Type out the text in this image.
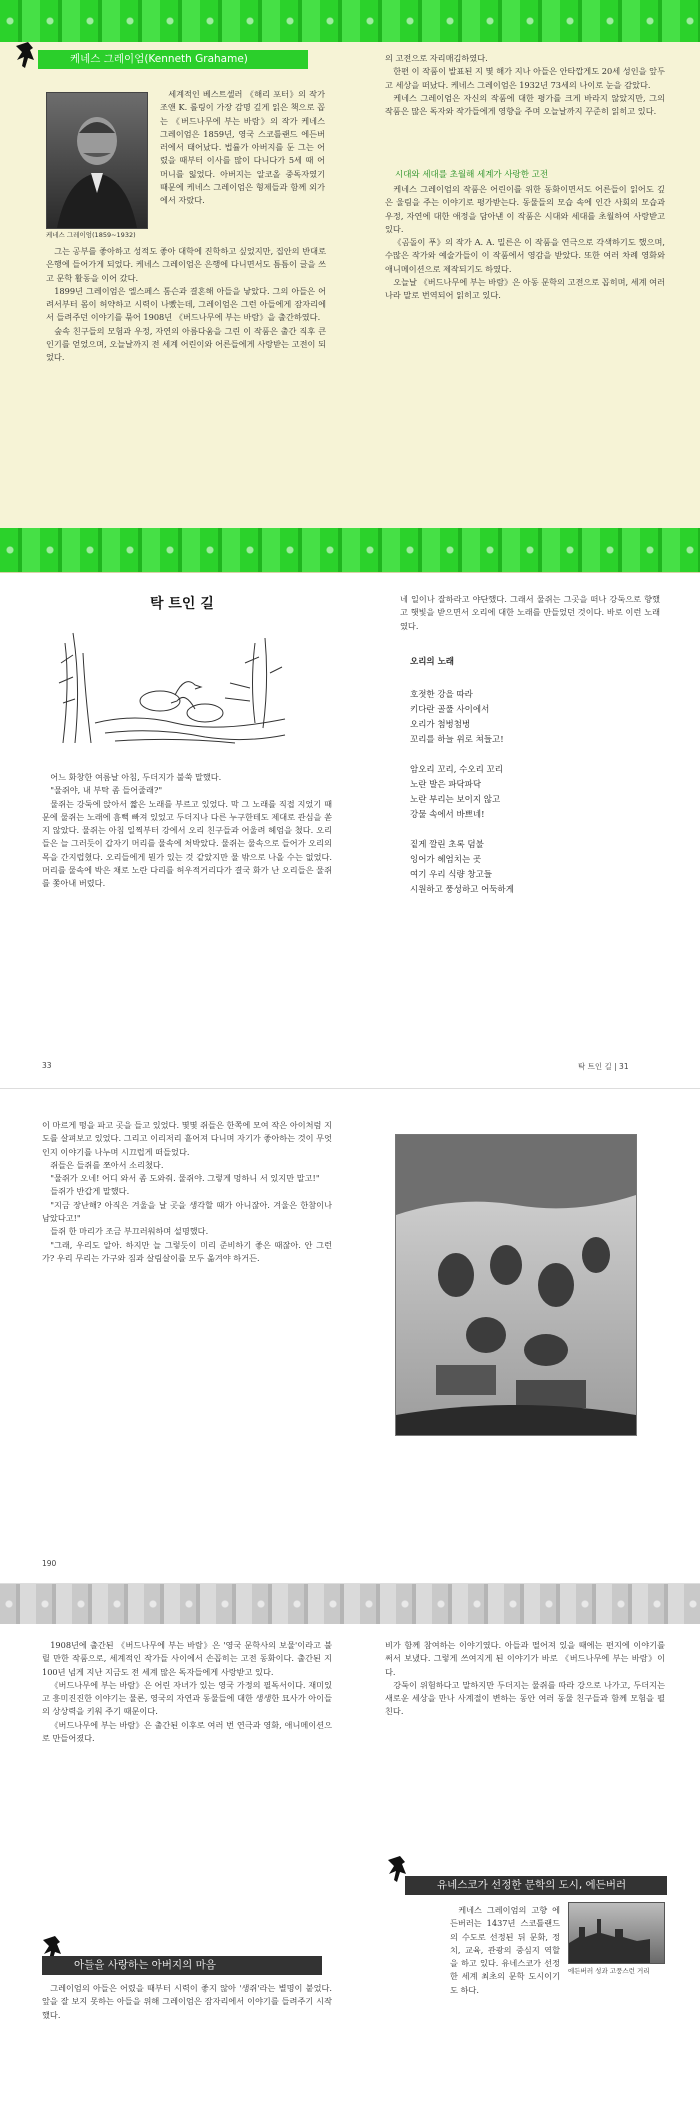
케네스 그레이엄(Kenneth Grahame)
케네스 그레이엄(1859~1932)

세계적인 베스트셀러 《해리 포터》의 작가 조앤 K. 롤링이 가장 감명 깊게 읽은 책으로 꼽는 《버드나무에 부는 바람》의 작가 케네스 그레이엄은 1859년, 영국 스코틀랜드 에든버러에서 태어났다. 법률가 아버지를 둔 그는 어렸을 때부터 이사를 많이 다니다가 5세 때 어머니를 잃었다. 아버지는 알코올 중독자였기 때문에 케네스 그레이엄은 형제들과 함께 외가에서 자랐다.

그는 공부를 좋아하고 성적도 좋아 대학에 진학하고 싶었지만, 집안의 반대로 은행에 들어가게 되었다. 케네스 그레이엄은 은행에 다니면서도 틈틈이 글을 쓰고 문학 활동을 이어 갔다.

1899년 그레이엄은 엘스페스 톰슨과 결혼해 아들을 낳았다. 그의 아들은 어려서부터 몸이 허약하고 시력이 나빴는데, 그레이엄은 그런 아들에게 잠자리에서 들려주던 이야기를 묶어 1908년 《버드나무에 부는 바람》을 출간하였다.

숲속 친구들의 모험과 우정, 자연의 아름다움을 그린 이 작품은 출간 직후 큰 인기를 얻었으며, 오늘날까지 전 세계 어린이와 어른들에게 사랑받는 고전이 되었다.

의 고전으로 자리매김하였다.

한편 이 작품이 발표된 지 몇 해가 지나 아들은 안타깝게도 20세 성인을 앞두고 세상을 떠났다. 케네스 그레이엄은 1932년 73세의 나이로 눈을 감았다.

케네스 그레이엄은 자신의 작품에 대한 평가를 크게 바라지 않았지만, 그의 작품은 많은 독자와 작가들에게 영향을 주며 오늘날까지 꾸준히 읽히고 있다.

시대와 세대를 초월해 세계가 사랑한 고전

케네스 그레이엄의 작품은 어린이를 위한 동화이면서도 어른들이 읽어도 깊은 울림을 주는 이야기로 평가받는다. 동물들의 모습 속에 인간 사회의 모습과 우정, 자연에 대한 애정을 담아낸 이 작품은 시대와 세대를 초월하여 사랑받고 있다.

《곰돌이 푸》의 작가 A. A. 밀른은 이 작품을 연극으로 각색하기도 했으며, 수많은 작가와 예술가들이 이 작품에서 영감을 받았다. 또한 여러 차례 영화와 애니메이션으로 제작되기도 하였다.

오늘날 《버드나무에 부는 바람》은 아동 문학의 고전으로 꼽히며, 세계 여러 나라 말로 번역되어 읽히고 있다.

탁 트인 길

어느 화창한 여름날 아침, 두더지가 불쑥 말했다.

"물쥐야, 내 부탁 좀 들어줄래?"

물쥐는 강둑에 앉아서 짧은 노래를 부르고 있었다. 막 그 노래를 직접 지었기 때문에 물쥐는 노래에 흠뻑 빠져 있었고 두더지나 다른 누구한테도 제대로 관심을 쏟지 않았다. 물쥐는 아침 일찍부터 강에서 오리 친구들과 어울려 헤엄을 쳤다. 오리들은 늘 그러듯이 갑자기 머리를 물속에 처박았다. 물쥐는 물속으로 들어가 오리의 목을 간지럽혔다. 오리들에게 뭔가 있는 것 같았지만 물 밖으로 나올 수는 없었다. 머리를 물속에 박은 채로 노란 다리를 허우적거리다가 결국 화가 난 오리들은 물쥐를 쫓아내 버렸다.

네 일이나 잘하라고 야단했다. 그래서 물쥐는 그곳을 떠나 강둑으로 향했고 햇빛을 받으면서 오리에 대한 노래를 만들었던 것이다. 바로 이런 노래였다.

오리의 노래
호젓한 강을 따라
키다란 골풀 사이에서
오리가 첨벙첨벙
꼬리를 하늘 위로 쳐들고!
암오리 꼬리, 수오리 꼬리
노란 발은 파닥파닥
노란 부리는 보이지 않고
강물 속에서 바쁘네!
짙게 깔린 초록 덤불
잉어가 헤엄치는 곳
여기 우리 식량 창고들
시원하고 풍성하고 어둑하게
33	탁 트인 길 | 31

이 마르게 떵을 파고 곳을 들고 있었다. 몇몇 쥐들은 한쪽에 모여 작은 아이처럼 지도를 살펴보고 있었다. 그리고 이리저리 흩어져 다니며 자기가 좋아하는 것이 무엇인지 이야기를 나누며 시끄럽게 떠들었다.

쥐들은 들쥐를 쪼아서 소리쳤다.

"물쥐가 오네! 어디 와서 좀 도와줘. 물쥐야. 그렇게 멍하니 서 있지만 말고!"

들쥐가 반갑게 말했다.

"지금 장난해? 아직은 겨울을 날 곳을 생각할 때가 아니잖아. 겨울은 한참이나 남았다고!"

들쥐 한 마리가 조금 부끄러워하며 설명했다.

"그래, 우리도 알아. 하지만 늘 그렇듯이 미리 준비하기 좋은 때잖아. 안 그런가? 우리 무리는 가구와 짐과 살림살이를 모두 옮겨야 하거든.

190

1908년에 출간된 《버드나무에 부는 바람》은 '영국 문학사의 보물'이라고 불릴 만한 작품으로, 세계적인 작가들 사이에서 손꼽히는 고전 동화이다. 출간된 지 100년 넘게 지난 지금도 전 세계 많은 독자들에게 사랑받고 있다.

《버드나무에 부는 바람》은 어린 자녀가 있는 영국 가정의 필독서이다. 재미있고 흥미진진한 이야기는 물론, 영국의 자연과 동물들에 대한 생생한 묘사가 아이들의 상상력을 키워 주기 때문이다.

《버드나무에 부는 바람》은 출간된 이후로 여러 번 연극과 영화, 애니메이션으로 만들어졌다.

아들을 사랑하는 아버지의 마음

그레이엄의 아들은 어렸을 때부터 시력이 좋지 않아 '생쥐'라는 별명이 붙었다. 앞을 잘 보지 못하는 아들을 위해 그레이엄은 잠자리에서 이야기를 들려주기 시작했다.

비가 함께 참여하는 이야기였다. 아들과 떨어져 있을 때에는 편지에 이야기를 써서 보냈다. 그렇게 쓰여지게 된 이야기가 바로 《버드나무에 부는 바람》이다.

강둑이 위험하다고 말하지만 두더지는 물쥐를 따라 강으로 나가고, 두더지는 새로운 세상을 만나 사계절이 변하는 동안 여러 동물 친구들과 함께 모험을 펼친다.

유네스코가 선정한 문학의 도시, 에든버러

케네스 그레이엄의 고향 에든버러는 1437년 스코틀랜드의 수도로 선정된 뒤 문화, 정치, 교육, 관광의 중심지 역할을 하고 있다. 유네스코가 선정한 세계 최초의 문학 도시이기도 하다.

에든버러 성과 고풍스런 거리
